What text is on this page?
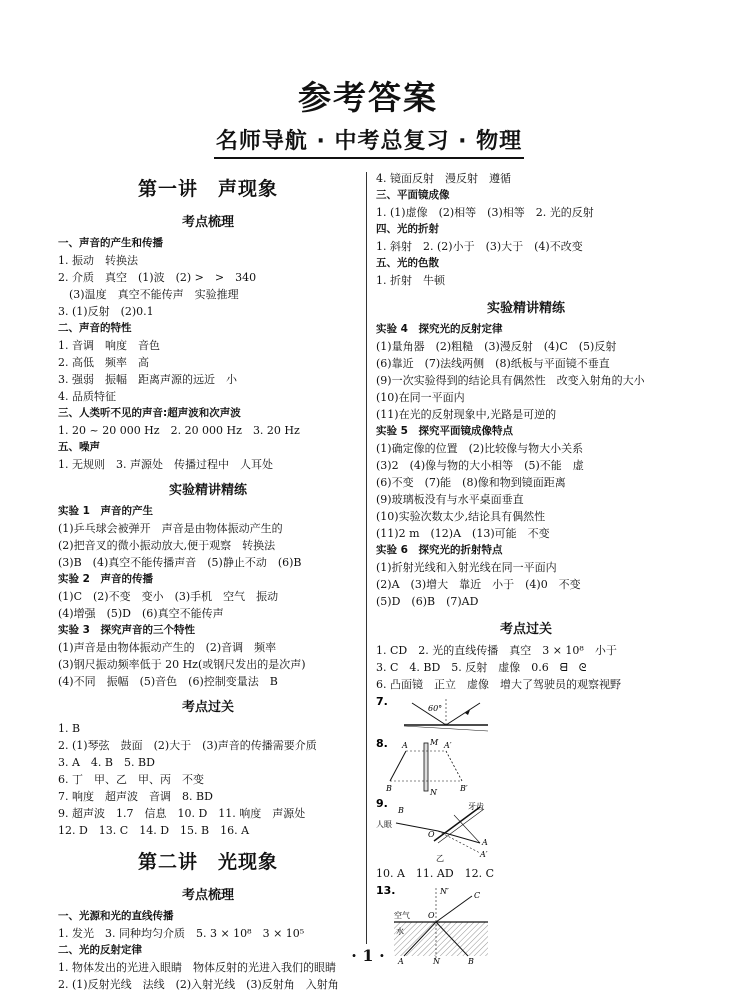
参考答案
名师导航 · 中考总复习 · 物理
第一讲　声现象
考点梳理
一、声音的产生和传播
1. 振动　转换法
2. 介质　真空　(1)波　(2) >　>　340
　(3)温度　真空不能传声　实验推理
3. (1)反射　(2)0.1
二、声音的特性
1. 音调　响度　音色
2. 高低　频率　高
3. 强弱　振幅　距离声源的远近　小
4. 品质特征
三、人类听不见的声音:超声波和次声波
1. 20 ~ 20 000 Hz　2. 20 000 Hz　3. 20 Hz
五、噪声
1. 无规则　3. 声源处　传播过程中　人耳处
实验精讲精练
实验 1　声音的产生
(1)乒乓球会被弹开　声音是由物体振动产生的
(2)把音叉的微小振动放大,便于观察　转换法
(3)B　(4)真空不能传播声音　(5)静止不动　(6)B
实验 2　声音的传播
(1)C　(2)不变　变小　(3)手机　空气　振动
(4)增强　(5)D　(6)真空不能传声
实验 3　探究声音的三个特性
(1)声音是由物体振动产生的　(2)音调　频率
(3)钢尺振动频率低于 20 Hz(或钢尺发出的是次声)
(4)不同　振幅　(5)音色　(6)控制变量法　B
考点过关
1. B
2. (1)琴弦　鼓面　(2)大于　(3)声音的传播需要介质
3. A　4. B　5. BD
6. 丁　甲、乙　甲、丙　不变
7. 响度　超声波　音调　8. BD
9. 超声波　1.7　信息　10. D　11. 响度　声源处
12. D　13. C　14. D　15. B　16. A
第二讲　光现象
考点梳理
一、光源和光的直线传播
1. 发光　3. 同种均匀介质　5. 3 × 10⁸　3 × 10⁵
二、光的反射定律
1. 物体发出的光进入眼睛　物体反射的光进入我们的眼睛
2. (1)反射光线　法线　(2)入射光线　(3)反射角　入射角
4. 镜面反射　漫反射　遵循
三、平面镜成像
1. (1)虚像　(2)相等　(3)相等　2. 光的反射
四、光的折射
1. 斜射　2. (2)小于　(3)大于　(4)不改变
五、光的色散
1. 折射　牛顿
实验精讲精练
实验 4　探究光的反射定律
(1)量角器　(2)粗糙　(3)漫反射　(4)C　(5)反射
(6)靠近　(7)法线两侧　(8)纸板与平面镜不垂直
(9)一次实验得到的结论具有偶然性　改变入射角的大小
(10)在同一平面内
(11)在光的反射现象中,光路是可逆的
实验 5　探究平面镜成像特点
(1)确定像的位置　(2)比较像与物大小关系
(3)2　(4)像与物的大小相等　(5)不能　虚
(6)不变　(7)能　(8)像和物到镜面距离
(9)玻璃板没有与水平桌面垂直
(10)实验次数太少,结论具有偶然性
(11)2 m　(12)A　(13)可能　不变
实验 6　探究光的折射特点
(1)折射光线和入射光线在同一平面内
(2)A　(3)增大　靠近　小于　(4)0　不变
(5)D　(6)B　(7)AD
考点过关
1. CD　2. 光的直线传播　真空　3 × 10⁸　小于
3. C　4. BD　5. 反射　虚像　0.6　ᗺ　ᘓ
6. 凸面镜　正立　虚像　增大了驾驶员的观察视野
7.
60°
8. A	A′
B	B′
M
N
9.
B
人眼
O
牙齿
A
A′
乙
10. A　11. AD　12. C
13.	N′	C
O
空气
水
A	N	B
· 1 ·
